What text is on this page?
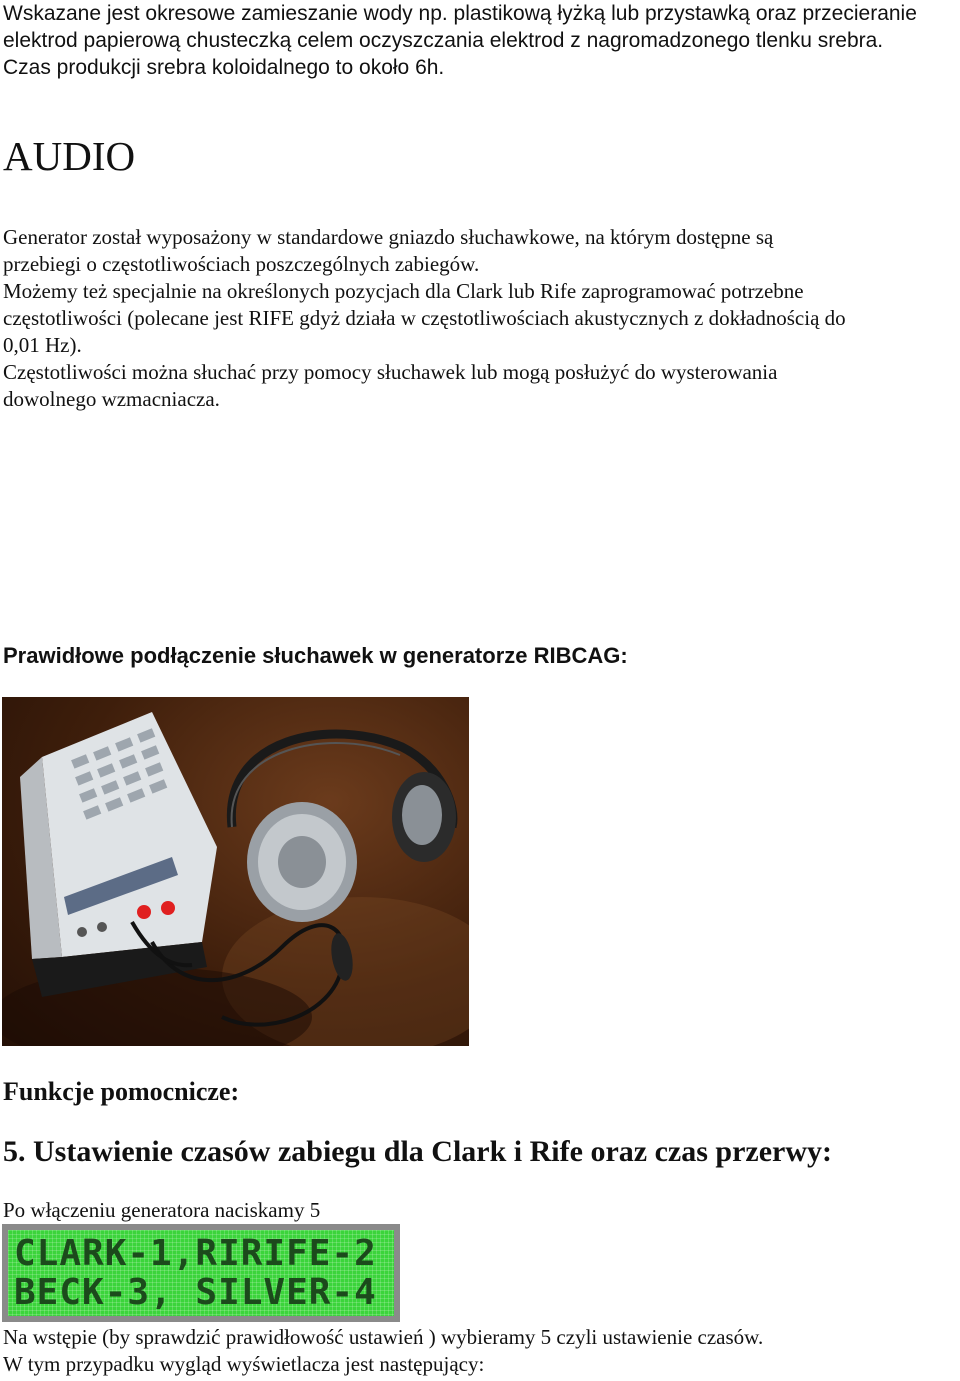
Wskazane jest okresowe zamieszanie wody np. plastikową łyżką lub przystawką oraz przecieranie

elektrod papierową chusteczką celem oczyszczania elektrod z nagromadzonego tlenku srebra.

Czas produkcji srebra koloidalnego to około 6h.

AUDIO

Generator został wyposażony w standardowe gniazdo słuchawkowe, na którym dostępne są

przebiegi o częstotliwościach poszczególnych zabiegów.

Możemy też specjalnie na określonych pozycjach dla Clark lub Rife zaprogramować potrzebne

częstotliwości (polecane jest RIFE gdyż działa w częstotliwościach akustycznych z dokładnością do

0,01 Hz).

Częstotliwości można słuchać przy pomocy słuchawek lub mogą posłużyć do wysterowania

dowolnego wzmacniacza.

Prawidłowe podłączenie słuchawek w generatorze RIBCAG:
Funkcje pomocnicze:
5. Ustawienie czasów zabiegu dla Clark i Rife oraz czas przerwy:

Po włączeniu generatora naciskamy 5

CLARK-1,RIRIFE-2
BECK-3, SILVER-4

Na wstępie (by sprawdzić prawidłowość ustawień ) wybieramy 5 czyli ustawienie czasów.

W tym przypadku wygląd wyświetlacza jest następujący:
